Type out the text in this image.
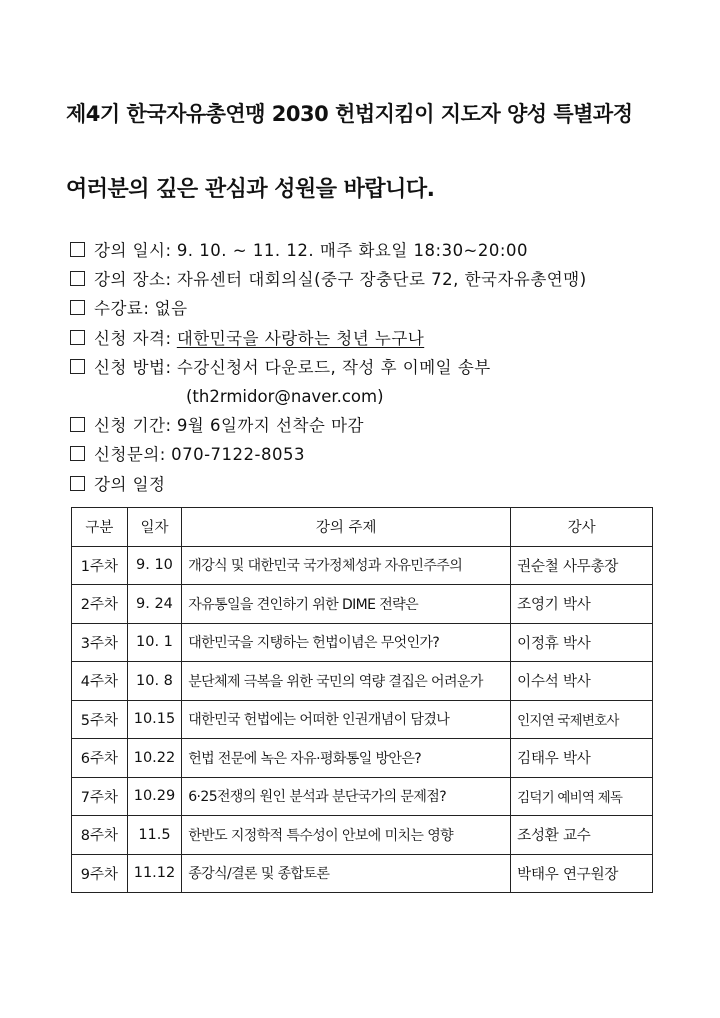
제4기 한국자유총연맹 2030 헌법지킴이 지도자 양성 특별과정
여러분의 깊은 관심과 성원을 바랍니다.
강의 일시: 9. 10. ~ 11. 12. 매주 화요일 18:30~20:00
강의 장소: 자유센터 대회의실(중구 장충단로 72, 한국자유총연맹)
수강료: 없음
신청 자격: 대한민국을 사랑하는 청년 누구나
신청 방법: 수강신청서 다운로드, 작성 후 이메일 송부
(th2rmidor@naver.com)
신청 기간: 9월 6일까지 선착순 마감
신청문의: 070-7122-8053
강의 일정
구분	일자	강의 주제	강사
1주차	9. 10	개강식 및 대한민국 국가정체성과 자유민주주의	권순철 사무총장
2주차	9. 24	자유통일을 견인하기 위한 DIME 전략은	조영기 박사
3주차	10. 1	대한민국을 지탱하는 헌법이념은 무엇인가?	이정휴 박사
4주차	10. 8	분단체제 극복을 위한 국민의 역량 결집은 어려운가	이수석 박사
5주차	10.15	대한민국 헌법에는 어떠한 인권개념이 담겼나	인지연 국제변호사
6주차	10.22	헌법 전문에 녹은 자유·평화통일 방안은?	김태우 박사
7주차	10.29	6·25전쟁의 원인 분석과 분단국가의 문제점?	김덕기 예비역 제독
8주차	11.5	한반도 지정학적 특수성이 안보에 미치는 영향	조성환 교수
9주차	11.12	종강식/결론 및 종합토론	박태우 연구원장
